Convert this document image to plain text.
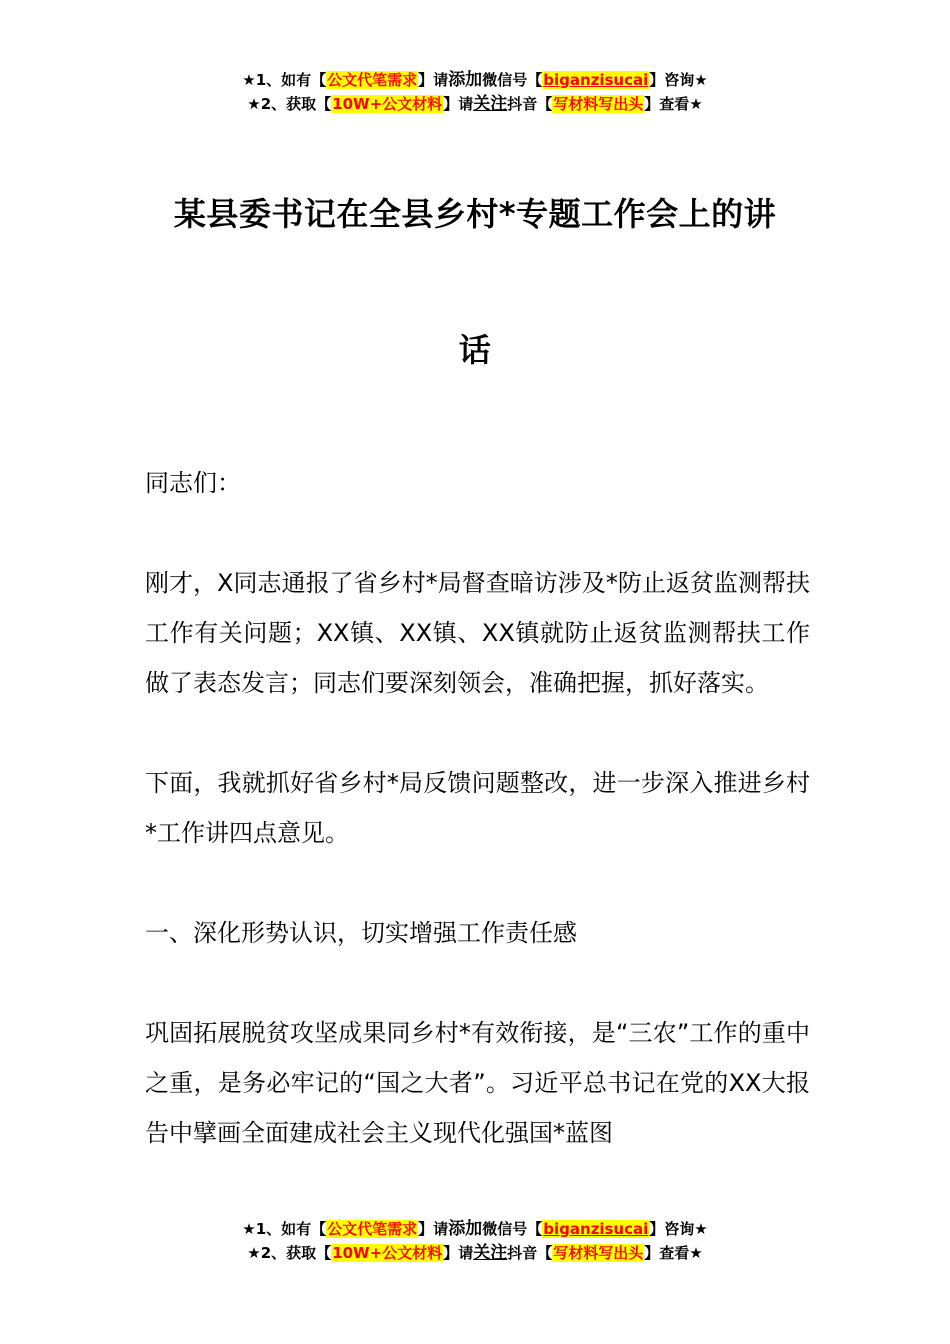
★1、如有【公文代笔需求】请添加微信号【biganzisucai】咨询★
★2、获取【10W+公文材料】请关注抖音【写材料写出头】查看★
某县委书记在全县乡村*专题工作会上的讲
话

同志们：

刚才，X同志通报了省乡村*局督查暗访涉及*防止返贫监测帮扶工作有关问题；XX镇、XX镇、XX镇就防止返贫监测帮扶工作做了表态发言；同志们要深刻领会，准确把握，抓好落实。

下面，我就抓好省乡村*局反馈问题整改，进一步深入推进乡村*工作讲四点意见。

一、深化形势认识，切实增强工作责任感

巩固拓展脱贫攻坚成果同乡村*有效衔接，是“三农”工作的重中之重，是务必牢记的“国之大者”。习近平总书记在党的XX大报告中擘画全面建成社会主义现代化强国*蓝图

★1、如有【公文代笔需求】请添加微信号【biganzisucai】咨询★
★2、获取【10W+公文材料】请关注抖音【写材料写出头】查看★
